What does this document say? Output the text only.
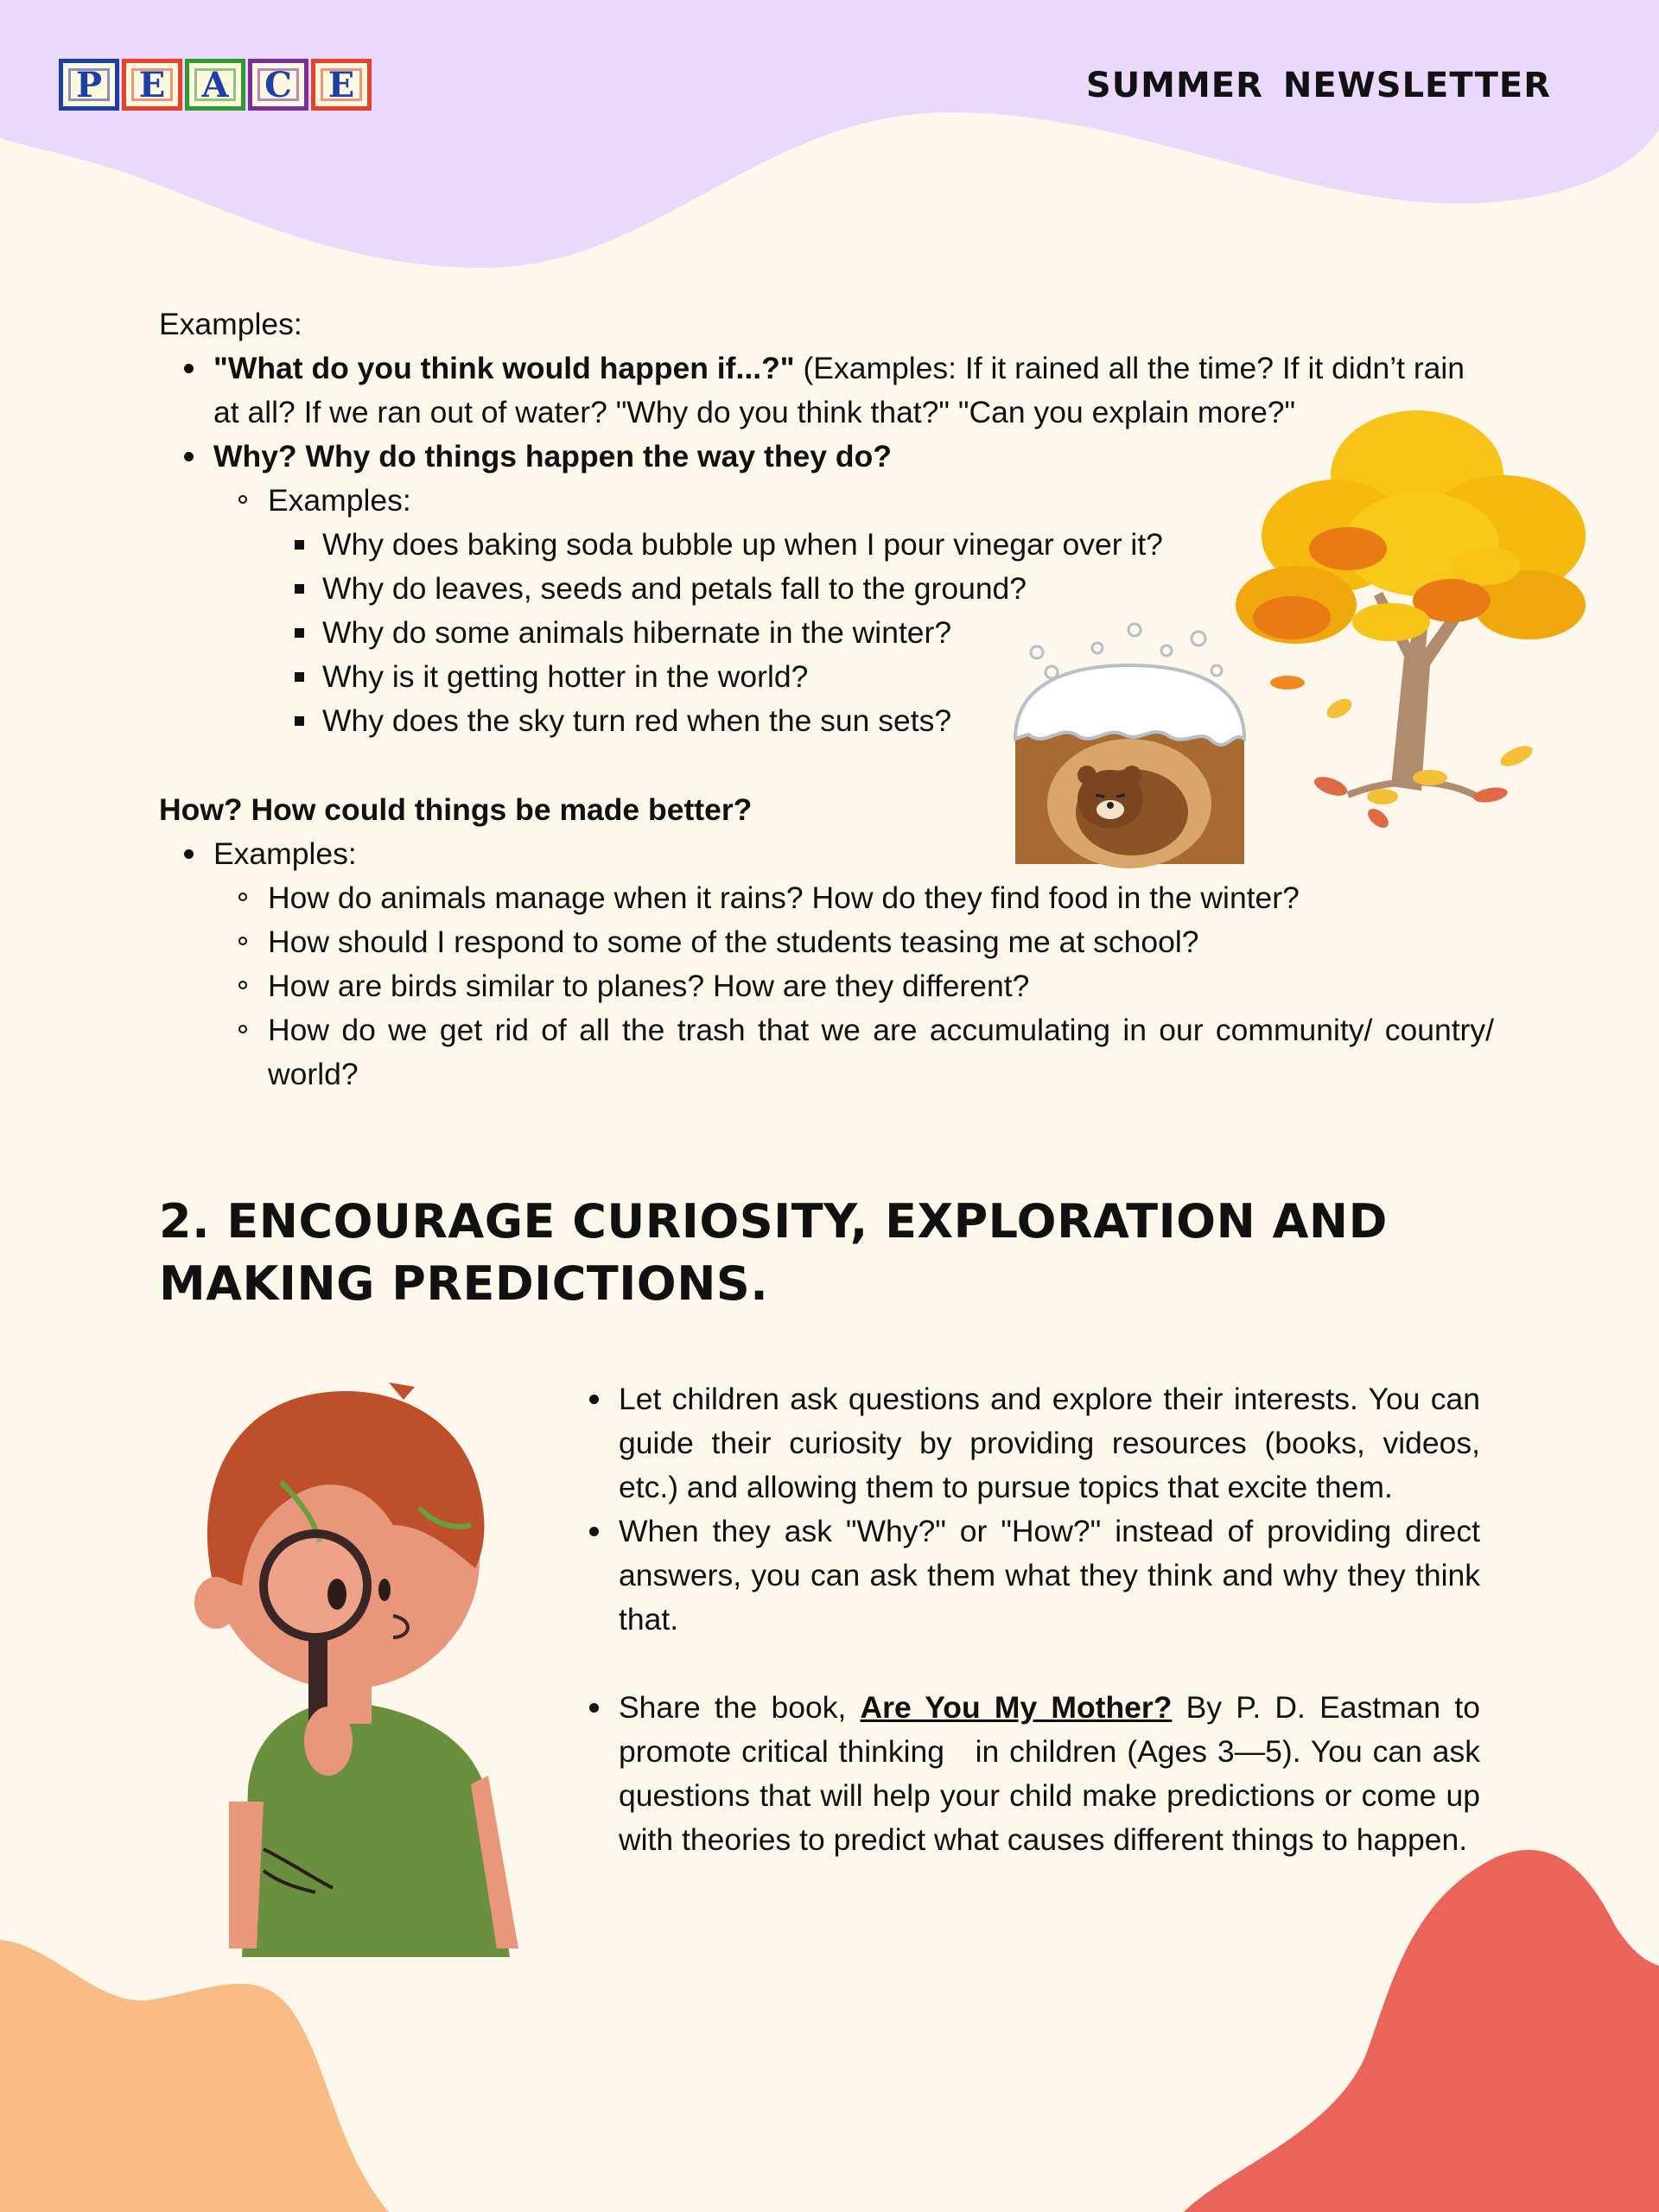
P E A C E	SUMMER NEWSLETTER

Examples:

"What do you think would happen if...?" (Examples: If it rained all the time? If it didn’t rain at all? If we ran out of water? "Why do you think that?" "Can you explain more?"
Why? Why do things happen the way they do?
Examples:
Why does baking soda bubble up when I pour vinegar over it?
Why do leaves, seeds and petals fall to the ground?
Why do some animals hibernate in the winter?
Why is it getting hotter in the world?
Why does the sky turn red when the sun sets?

How? How could things be made better?

Examples:
How do animals manage when it rains? How do they find food in the winter?
How should I respond to some of the students teasing me at school?
How are birds similar to planes? How are they different?
How do we get rid of all the trash that we are accumulating in our community/ country/ world?
2. ENCOURAGE CURIOSITY, EXPLORATION AND MAKING PREDICTIONS.
Let children ask questions and explore their interests. You can guide their curiosity by providing resources (books, videos, etc.) and allowing them to pursue topics that excite them.
When they ask "Why?" or "How?" instead of providing direct answers, you can ask them what they think and why they think that.
Share the book, Are You My Mother? By P. D. Eastman to promote critical thinking   in children (Ages 3—5). You can ask questions that will help your child make predictions or come up with theories to predict what causes different things to happen.
